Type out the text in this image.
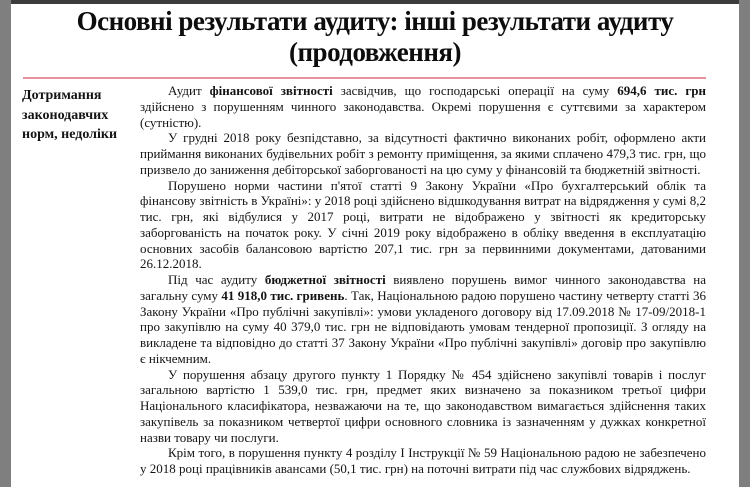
Основні результати аудиту: інші результати аудиту
(продовження)
Дотримання законодавчих норм, недоліки

Аудит фінансової звітності засвідчив, що господарські операції на суму 694,6 тис. грн здійснено з порушенням чинного законодавства. Окремі порушення є суттєвими за характером (сутністю).

У грудні 2018 року безпідставно, за відсутності фактично виконаних робіт, оформлено акти приймання виконаних будівельних робіт з ремонту приміщення, за якими сплачено 479,3 тис. грн, що призвело до заниження дебіторської заборгованості на цю суму у фінансовій та бюджетній звітності.

Порушено норми частини п'ятої статті 9 Закону України «Про бухгалтерський облік та фінансову звітність в Україні»: у 2018 році здійснено відшкодування витрат на відрядження у сумі 8,2 тис. грн, які відбулися у 2017 році, витрати не відображено у звітності як кредиторську заборгованість на початок року. У січні 2019 року відображено в обліку введення в експлуатацію основних засобів балансовою вартістю 207,1 тис. грн за первинними документами, датованими 26.12.2018.

Під час аудиту бюджетної звітності виявлено порушень вимог чинного законодавства на загальну суму 41 918,0 тис. гривень. Так, Національною радою порушено частину четверту статті 36 Закону України «Про публічні закупівлі»: умови укладеного договору від 17.09.2018 № 17-09/2018-1 про закупівлю на суму 40 379,0 тис. грн не відповідають умовам тендерної пропозиції. З огляду на викладене та відповідно до статті 37 Закону України «Про публічні закупівлі» договір про закупівлю є нікчемним.

У порушення абзацу другого пункту 1 Порядку № 454 здійснено закупівлі товарів і послуг загальною вартістю 1 539,0 тис. грн, предмет яких визначено за показником третьої цифри Національного класифікатора, незважаючи на те, що законодавством вимагається здійснення таких закупівель за показником четвертої цифри основного словника із зазначенням у дужках конкретної назви товару чи послуги.

Крім того, в порушення пункту 4 розділу I Інструкції № 59 Національною радою не забезпечено у 2018 році працівників авансами (50,1 тис. грн) на поточні витрати під час службових відряджень.
